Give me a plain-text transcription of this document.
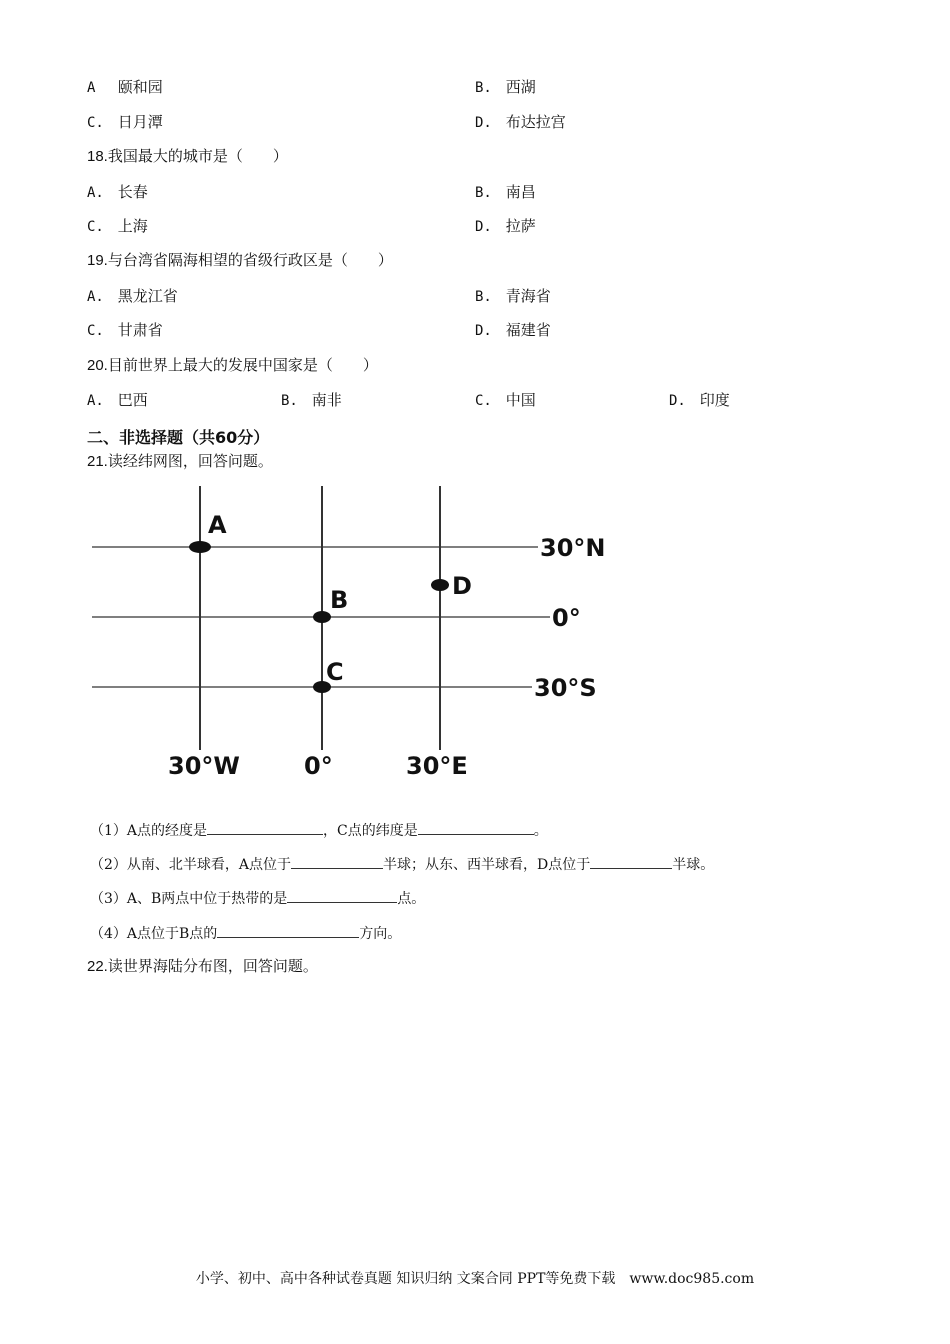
A 颐和园	B. 西湖
C. 日月潭	D. 布达拉宫
18.我国最大的城市是（　　）
A. 长春	B. 南昌
C. 上海	D. 拉萨
19.与台湾省隔海相望的省级行政区是（　　）
A. 黑龙江省	B. 青海省
C. 甘肃省	D. 福建省
20.目前世界上最大的发展中国家是（　　）
A. 巴西	B. 南非	C. 中国	D. 印度
二、非选择题（共60分）
21.读经纬网图，回答问题。
A
B
C
D
30°N
0°
30°S
30°W	0°	30°E
（1）A点的经度是	，C点的纬度是	。
（2）从南、北半球看，A点位于	半球；从东、西半球看，D点位于	半球。
（3）A、B两点中位于热带的是	点。
（4）A点位于B点的	方向。
22.读世界海陆分布图，回答问题。
小学、初中、高中各种试卷真题 知识归纳 文案合同 PPT等免费下载　www.doc985.com
